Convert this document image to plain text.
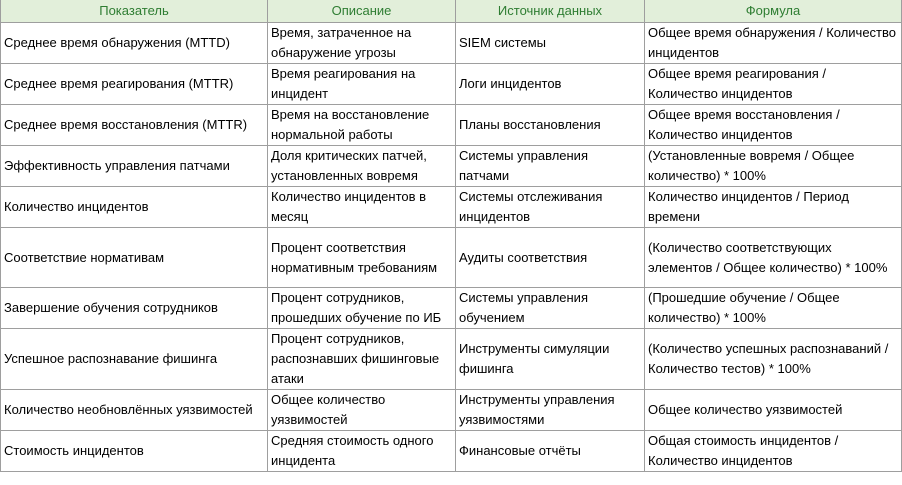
Показатель	Описание	Источник данных	Формула
Среднее время обнаружения (MTTD)	Время, затраченное на обнаружение угрозы	SIEM системы	Общее время обнаружения / Количество инцидентов
Среднее время реагирования (MTTR)	Время реагирования на инцидент	Логи инцидентов	Общее время реагирования / Количество инцидентов
Среднее время восстановления (MTTR)	Время на восстановление нормальной работы	Планы восстановления	Общее время восстановления / Количество инцидентов
Эффективность управления патчами	Доля критических патчей, установленных вовремя	Системы управления патчами	(Установленные вовремя / Общее количество) * 100%
Количество инцидентов	Количество инцидентов в месяц	Системы отслеживания инцидентов	Количество инцидентов / Период времени
Соответствие нормативам	Процент соответствия нормативным требованиям	Аудиты соответствия	(Количество соответствующих элементов / Общее количество) * 100%
Завершение обучения сотрудников	Процент сотрудников, прошедших обучение по ИБ	Системы управления обучением	(Прошедшие обучение / Общее количество) * 100%
Успешное распознавание фишинга	Процент сотрудников, распознавших фишинговые атаки	Инструменты симуляции фишинга	(Количество успешных распознаваний / Количество тестов) * 100%
Количество необновлённых уязвимостей	Общее количество уязвимостей	Инструменты управления уязвимостями	Общее количество уязвимостей
Стоимость инцидентов	Средняя стоимость одного инцидента	Финансовые отчёты	Общая стоимость инцидентов / Количество инцидентов
